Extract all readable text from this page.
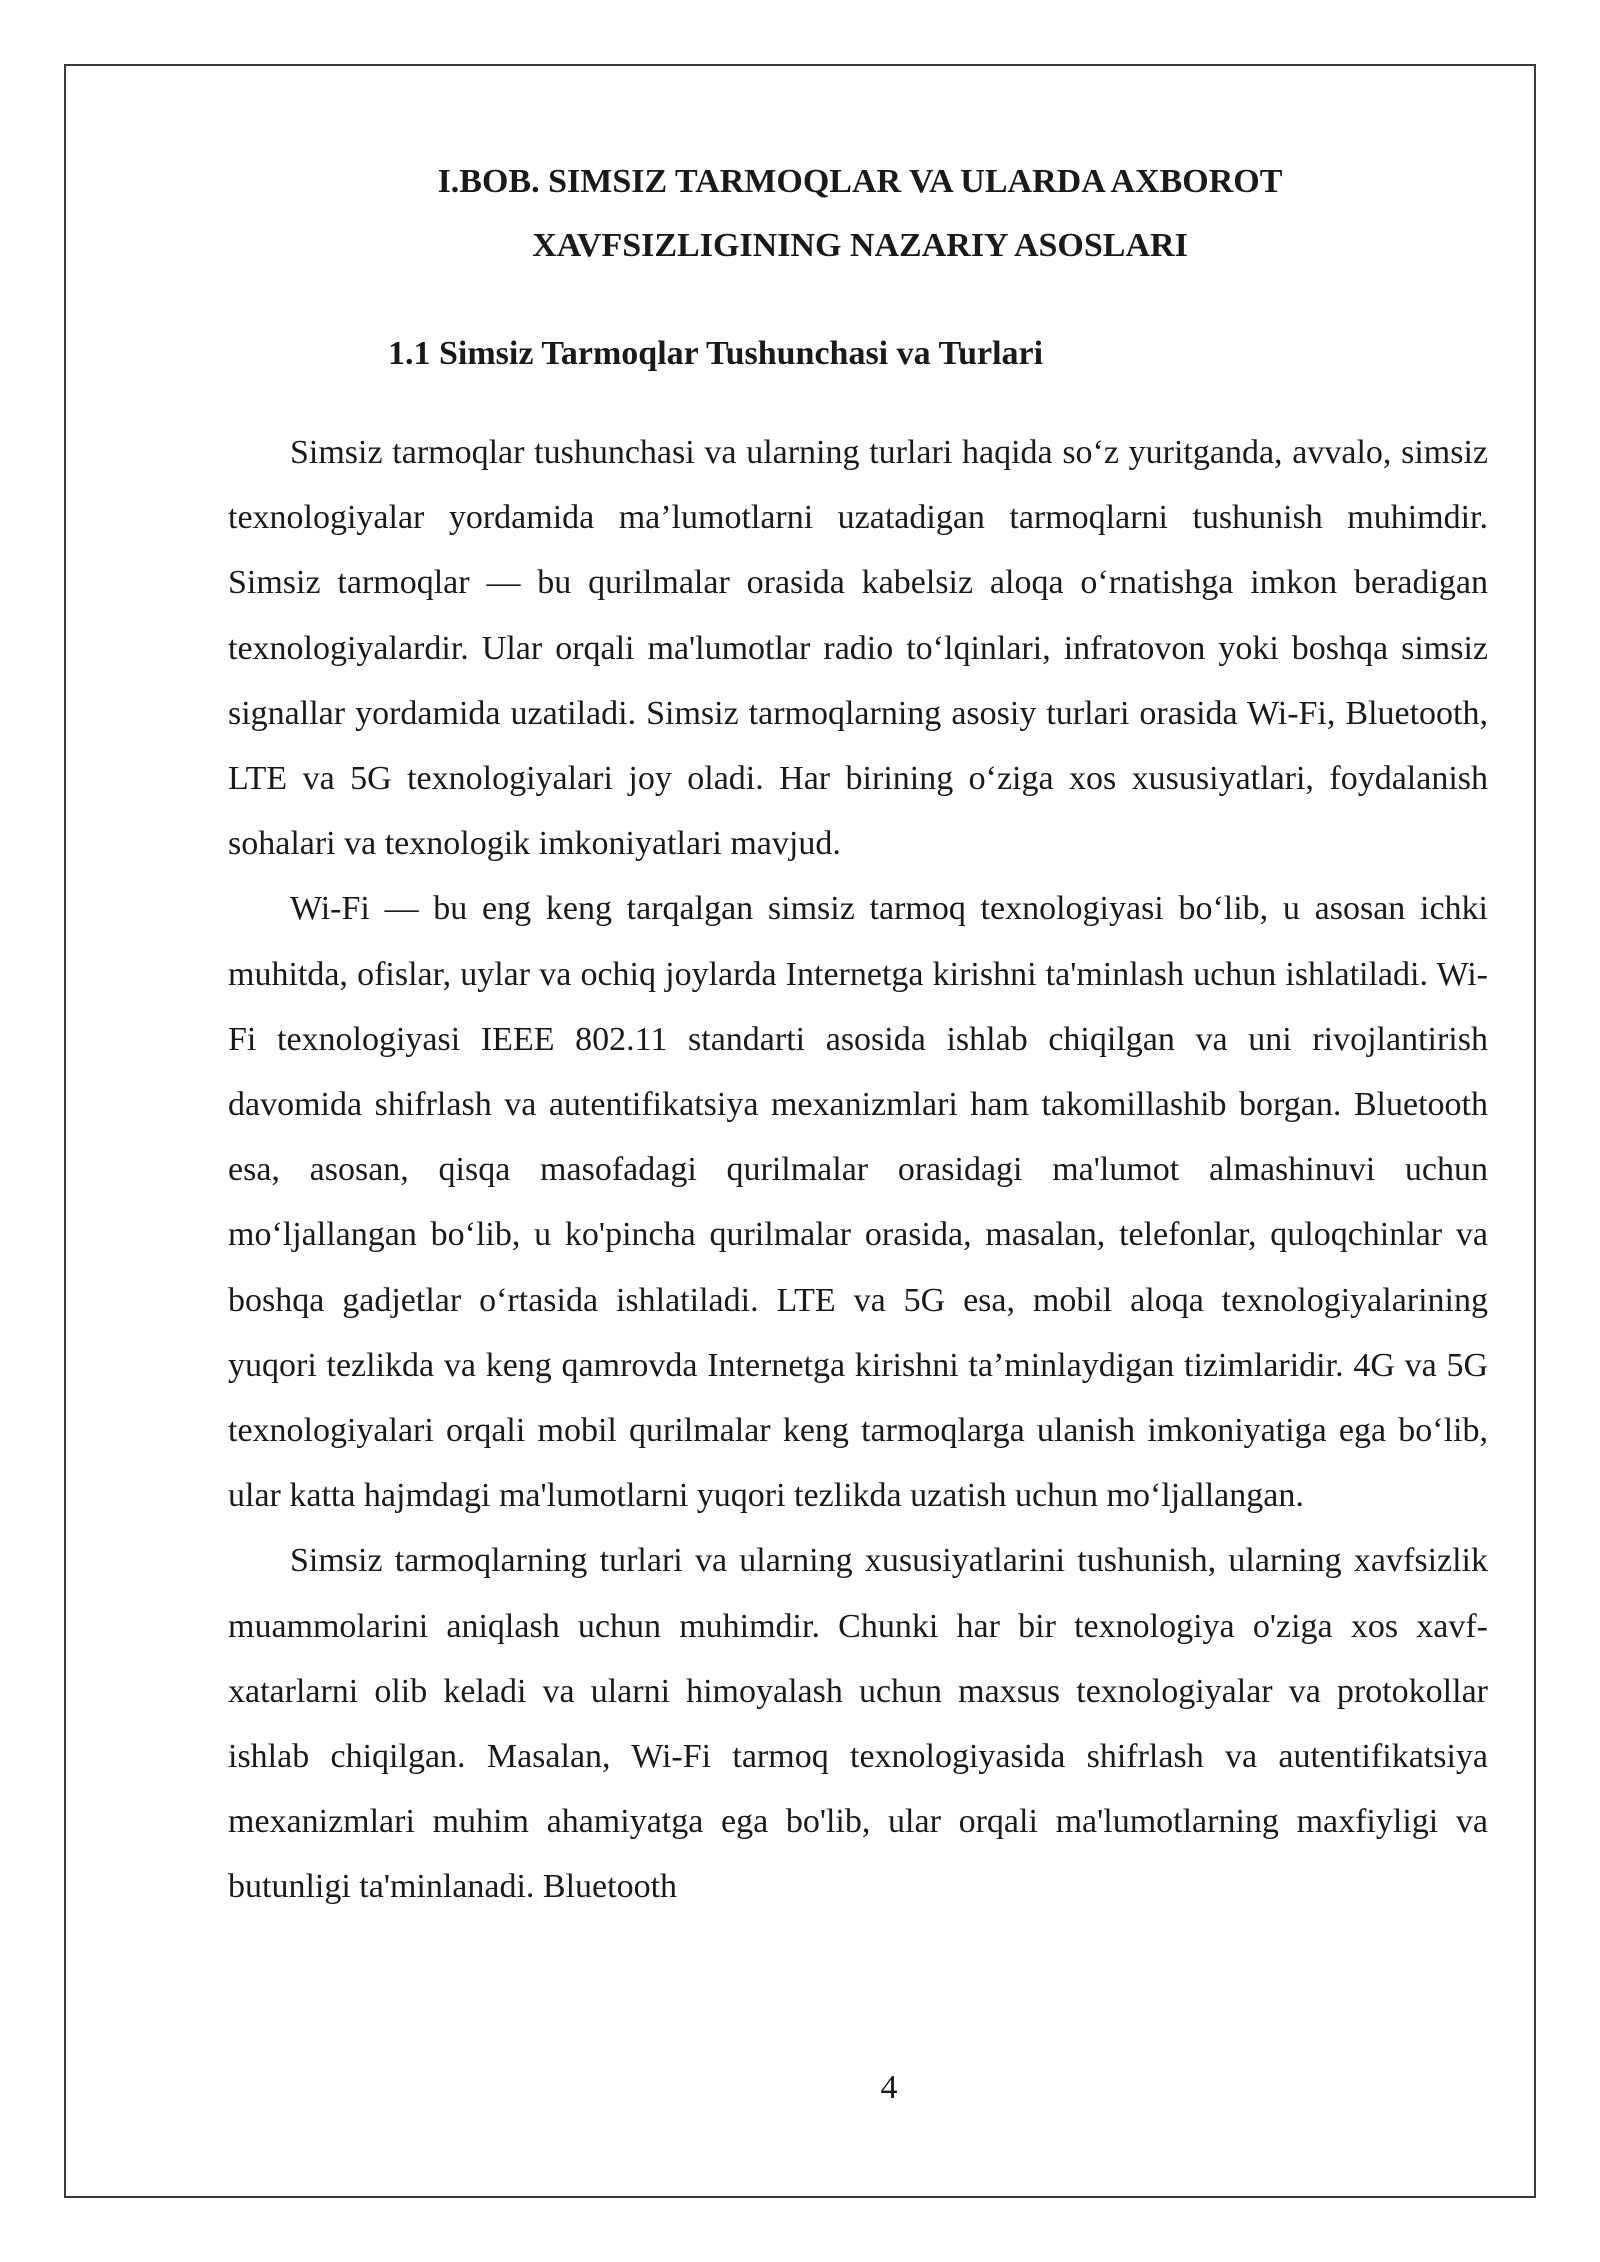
I.BOB. SIMSIZ TARMOQLAR VA ULARDA AXBOROT
XAVFSIZLIGINING NAZARIY ASOSLARI
1.1 Simsiz Tarmoqlar Tushunchasi va Turlari

Simsiz tarmoqlar tushunchasi va ularning turlari haqida so‘z yuritganda, avvalo, simsiz texnologiyalar yordamida ma’lumotlarni uzatadigan tarmoqlarni tushunish muhimdir. Simsiz tarmoqlar — bu qurilmalar orasida kabelsiz aloqa o‘rnatishga imkon beradigan texnologiyalardir. Ular orqali ma'lumotlar radio to‘lqinlari, infratovon yoki boshqa simsiz signallar yordamida uzatiladi. Simsiz tarmoqlarning asosiy turlari orasida Wi-Fi, Bluetooth, LTE va 5G texnologiyalari joy oladi. Har birining o‘ziga xos xususiyatlari, foydalanish sohalari va texnologik imkoniyatlari mavjud.

Wi-Fi — bu eng keng tarqalgan simsiz tarmoq texnologiyasi bo‘lib, u asosan ichki muhitda, ofislar, uylar va ochiq joylarda Internetga kirishni ta'minlash uchun ishlatiladi. Wi-Fi texnologiyasi IEEE 802.11 standarti asosida ishlab chiqilgan va uni rivojlantirish davomida shifrlash va autentifikatsiya mexanizmlari ham takomillashib borgan. Bluetooth esa, asosan, qisqa masofadagi qurilmalar orasidagi ma'lumot almashinuvi uchun mo‘ljallangan bo‘lib, u ko'pincha qurilmalar orasida, masalan, telefonlar, quloqchinlar va boshqa gadjetlar o‘rtasida ishlatiladi. LTE va 5G esa, mobil aloqa texnologiyalarining yuqori tezlikda va keng qamrovda Internetga kirishni ta’minlaydigan tizimlaridir. 4G va 5G texnologiyalari orqali mobil qurilmalar keng tarmoqlarga ulanish imkoniyatiga ega bo‘lib, ular katta hajmdagi ma'lumotlarni yuqori tezlikda uzatish uchun mo‘ljallangan.

Simsiz tarmoqlarning turlari va ularning xususiyatlarini tushunish, ularning xavfsizlik muammolarini aniqlash uchun muhimdir. Chunki har bir texnologiya o'ziga xos xavf-xatarlarni olib keladi va ularni himoyalash uchun maxsus texnologiyalar va protokollar ishlab chiqilgan. Masalan, Wi-Fi tarmoq texnologiyasida shifrlash va autentifikatsiya mexanizmlari muhim ahamiyatga ega bo'lib, ular orqali ma'lumotlarning maxfiyligi va butunligi ta'minlanadi. Bluetooth

4
